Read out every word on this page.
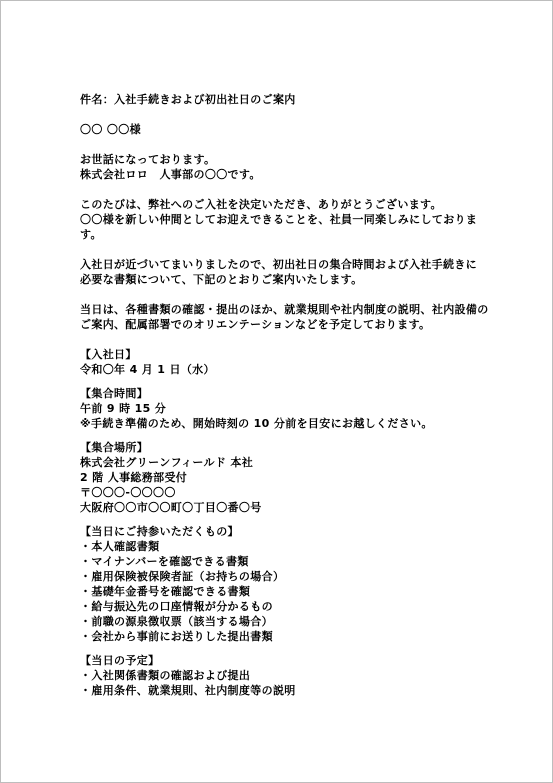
件名：入社手続きおよび初出社日のご案内
〇〇 〇〇様
お世話になっております。
株式会社ロロ　人事部の〇〇です。
このたびは、弊社へのご入社を決定いただき、ありがとうございます。
〇〇様を新しい仲間としてお迎えできることを、社員一同楽しみにしておりま
す。
入社日が近づいてまいりましたので、初出社日の集合時間および入社手続きに
必要な書類について、下記のとおりご案内いたします。
当日は、各種書類の確認・提出のほか、就業規則や社内制度の説明、社内設備の
ご案内、配属部署でのオリエンテーションなどを予定しております。
【入社日】
令和〇年 4 月 1 日（水）
【集合時間】
午前 9 時 15 分
※手続き準備のため、開始時刻の 10 分前を目安にお越しください。
【集合場所】
株式会社グリーンフィールド 本社
2 階 人事総務部受付
〒〇〇〇-〇〇〇〇
大阪府〇〇市〇〇町〇丁目〇番〇号
【当日にご持参いただくもの】
・本人確認書類
・マイナンバーを確認できる書類
・雇用保険被保険者証（お持ちの場合）
・基礎年金番号を確認できる書類
・給与振込先の口座情報が分かるもの
・前職の源泉徴収票（該当する場合）
・会社から事前にお送りした提出書類
【当日の予定】
・入社関係書類の確認および提出
・雇用条件、就業規則、社内制度等の説明
